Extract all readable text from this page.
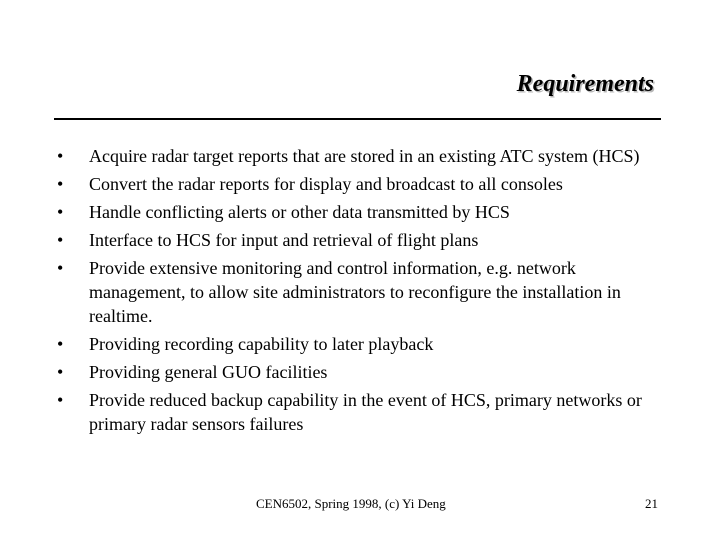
Requirements
•	Acquire radar target reports that are stored in an existing ATC system (HCS)
•	Convert the radar reports for display and broadcast to all consoles
•	Handle conflicting alerts or other data transmitted by HCS
•	Interface to HCS for input and retrieval of flight plans
•	Provide extensive monitoring and control information, e.g. network management, to allow site administrators to reconfigure the installation in realtime.
•	Providing recording capability to later playback
•	Providing general GUO facilities
•	Provide reduced backup capability in the event of HCS, primary networks or primary radar sensors failures
CEN6502, Spring 1998, (c) Yi Deng	21
